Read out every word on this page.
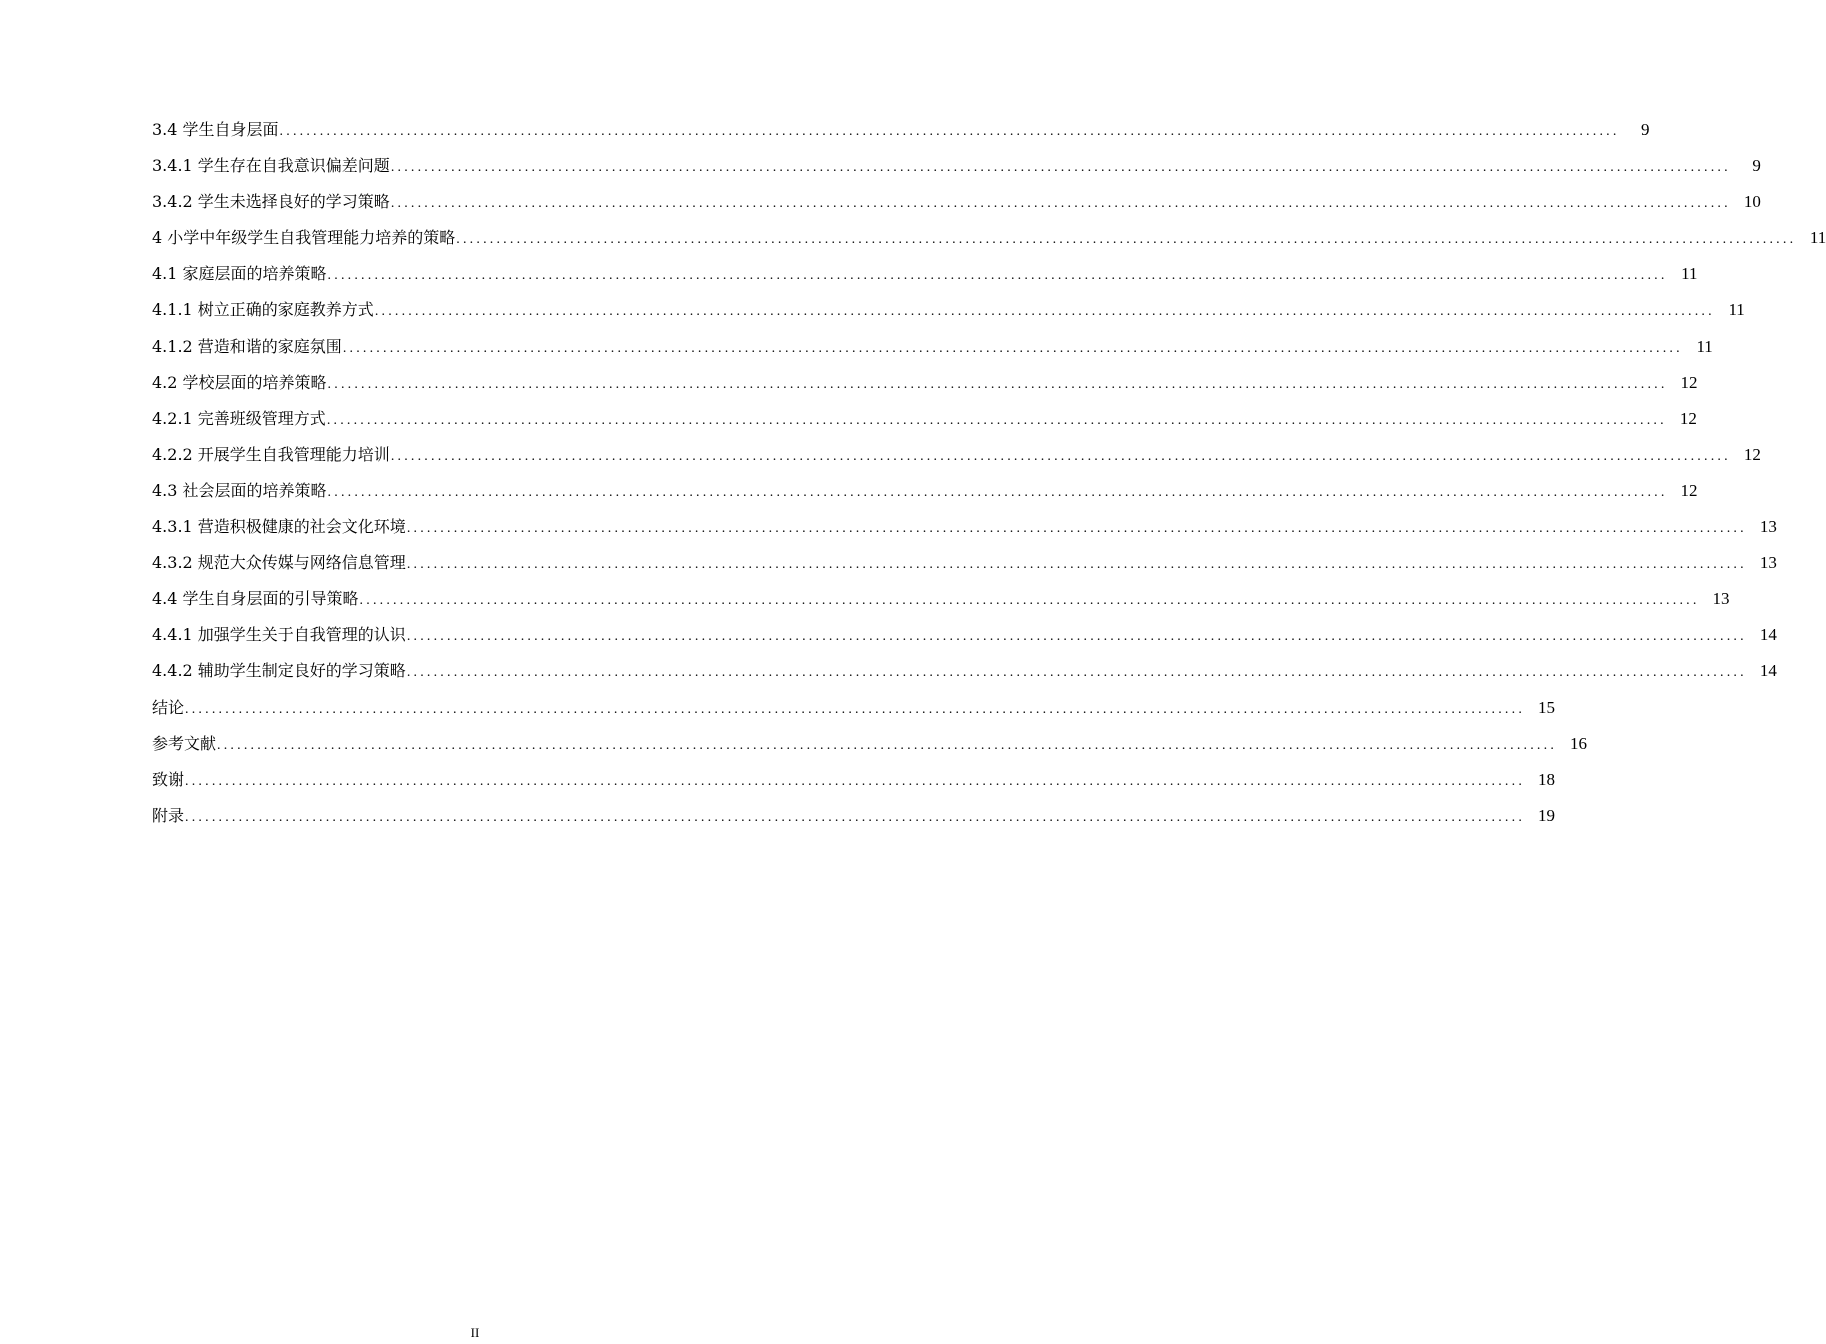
3.4 学生自身层面 ........................................................................................................................................................................................................	9
3.4.1 学生存在自我意识偏差问题 ........................................................................................................................................................................................................	9
3.4.2 学生未选择良好的学习策略 ........................................................................................................................................................................................................ 10
4 小学中年级学生自我管理能力培养的策略 ........................................................................................................................................................................................................ 11
4.1 家庭层面的培养策略 ........................................................................................................................................................................................................ 11
4.1.1 树立正确的家庭教养方式 ........................................................................................................................................................................................................ 11
4.1.2 营造和谐的家庭氛围 ........................................................................................................................................................................................................ 11
4.2 学校层面的培养策略 ........................................................................................................................................................................................................ 12
4.2.1 完善班级管理方式 ........................................................................................................................................................................................................ 12
4.2.2 开展学生自我管理能力培训 ........................................................................................................................................................................................................ 12
4.3 社会层面的培养策略 ........................................................................................................................................................................................................ 12
4.3.1 营造积极健康的社会文化环境 ........................................................................................................................................................................................................ 13
4.3.2 规范大众传媒与网络信息管理 ........................................................................................................................................................................................................ 13
4.4 学生自身层面的引导策略 ........................................................................................................................................................................................................ 13
4.4.1 加强学生关于自我管理的认识 ........................................................................................................................................................................................................ 14
4.4.2 辅助学生制定良好的学习策略 ........................................................................................................................................................................................................ 14
结论 ........................................................................................................................................................................................................ 15
参考文献 ........................................................................................................................................................................................................ 16
致谢 ........................................................................................................................................................................................................ 18
附录 ........................................................................................................................................................................................................ 19
II
